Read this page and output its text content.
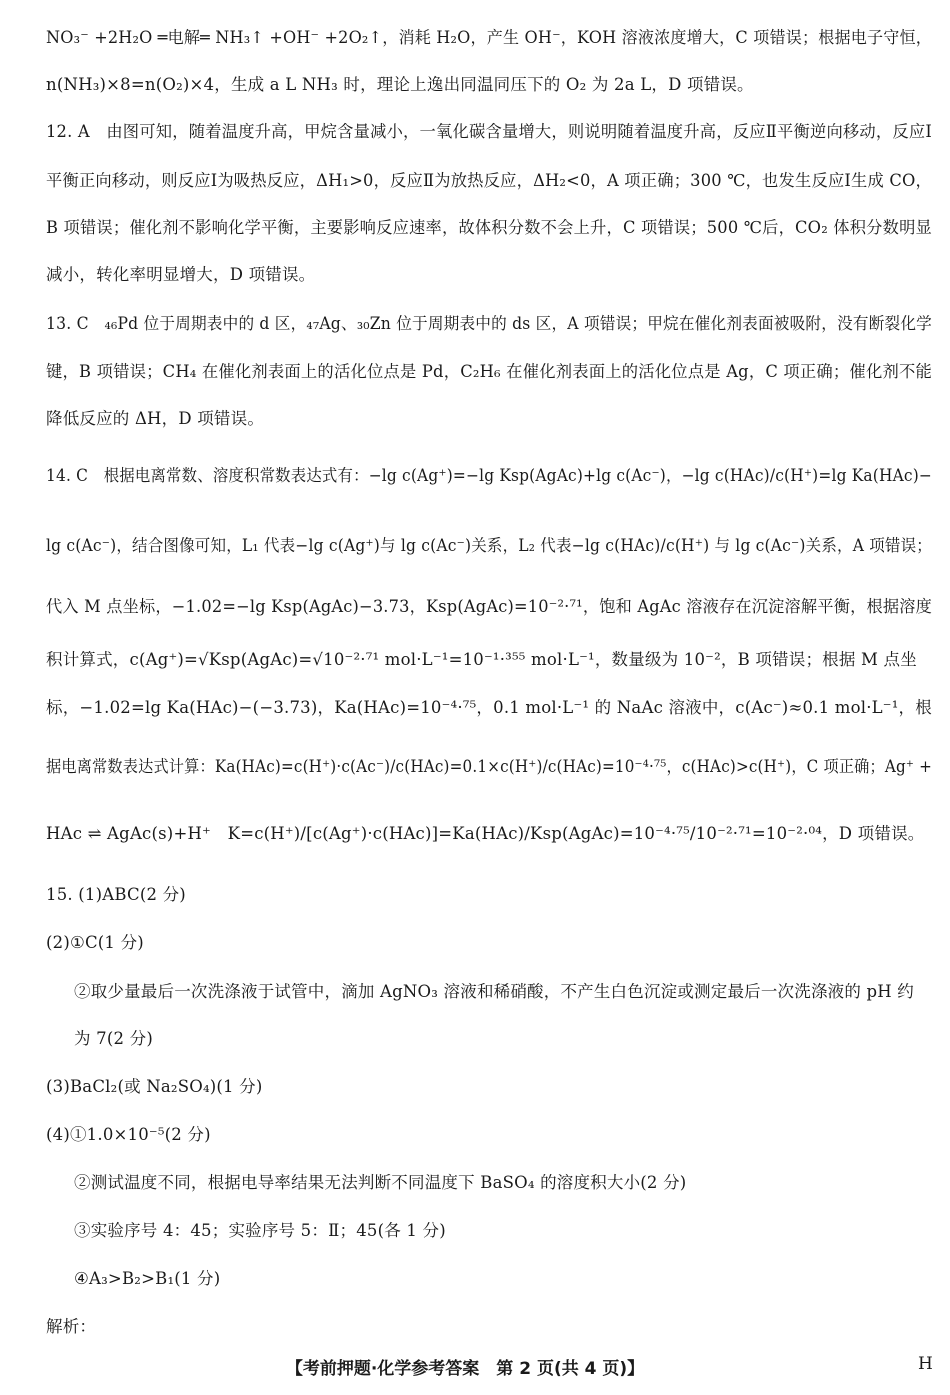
NO₃⁻ +2H₂O ═电解═ NH₃↑ +OH⁻ +2O₂↑，消耗 H₂O，产生 OH⁻，KOH 溶液浓度增大，C 项错误；根据电子守恒，
n(NH₃)×8=n(O₂)×4，生成 a L NH₃ 时，理论上逸出同温同压下的 O₂ 为 2a L，D 项错误。
12. A　由图可知，随着温度升高，甲烷含量减小，一氧化碳含量增大，则说明随着温度升高，反应Ⅱ平衡逆向移动，反应Ⅰ
平衡正向移动，则反应Ⅰ为吸热反应，ΔH₁>0，反应Ⅱ为放热反应，ΔH₂<0，A 项正确；300 ℃，也发生反应Ⅰ生成 CO，
B 项错误；催化剂不影响化学平衡，主要影响反应速率，故体积分数不会上升，C 项错误；500 ℃后，CO₂ 体积分数明显
减小，转化率明显增大，D 项错误。
13. C　₄₆Pd 位于周期表中的 d 区，₄₇Ag、₃₀Zn 位于周期表中的 ds 区，A 项错误；甲烷在催化剂表面被吸附，没有断裂化学
键，B 项错误；CH₄ 在催化剂表面上的活化位点是 Pd，C₂H₆ 在催化剂表面上的活化位点是 Ag，C 项正确；催化剂不能
降低反应的 ΔH，D 项错误。
14. C　根据电离常数、溶度积常数表达式有：−lg c(Ag⁺)=−lg Ksp(AgAc)+lg c(Ac⁻)，−lg c(HAc)/c(H⁺)=lg Ka(HAc)−
lg c(Ac⁻)，结合图像可知，L₁ 代表−lg c(Ag⁺)与 lg c(Ac⁻)关系，L₂ 代表−lg c(HAc)/c(H⁺) 与 lg c(Ac⁻)关系，A 项错误；
代入 M 点坐标，−1.02=−lg Ksp(AgAc)−3.73，Ksp(AgAc)=10⁻²·⁷¹，饱和 AgAc 溶液存在沉淀溶解平衡，根据溶度
积计算式，c(Ag⁺)=√Ksp(AgAc)=√10⁻²·⁷¹ mol·L⁻¹=10⁻¹·³⁵⁵ mol·L⁻¹，数量级为 10⁻²，B 项错误；根据 M 点坐
标，−1.02=lg Ka(HAc)−(−3.73)，Ka(HAc)=10⁻⁴·⁷⁵，0.1 mol·L⁻¹ 的 NaAc 溶液中，c(Ac⁻)≈0.1 mol·L⁻¹，根
据电离常数表达式计算：Ka(HAc)=c(H⁺)·c(Ac⁻)/c(HAc)=0.1×c(H⁺)/c(HAc)=10⁻⁴·⁷⁵，c(HAc)>c(H⁺)，C 项正确；Ag⁺ +
HAc ⇌ AgAc(s)+H⁺　K=c(H⁺)/[c(Ag⁺)·c(HAc)]=Ka(HAc)/Ksp(AgAc)=10⁻⁴·⁷⁵/10⁻²·⁷¹=10⁻²·⁰⁴，D 项错误。
15. (1)ABC(2 分)
(2)①C(1 分)
②取少量最后一次洗涤液于试管中，滴加 AgNO₃ 溶液和稀硝酸，不产生白色沉淀或测定最后一次洗涤液的 pH 约
为 7(2 分)
(3)BaCl₂(或 Na₂SO₄)(1 分)
(4)①1.0×10⁻⁵(2 分)
②测试温度不同，根据电导率结果无法判断不同温度下 BaSO₄ 的溶度积大小(2 分)
③实验序号 4：45；实验序号 5：Ⅱ；45(各 1 分)
④A₃>B₂>B₁(1 分)
解析：
【考前押题·化学参考答案　第 2 页(共 4 页)】	H
